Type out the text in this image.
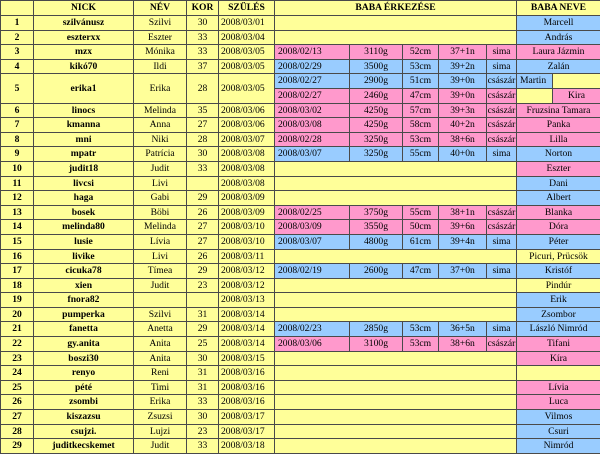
	NICK	NÉV	KOR	SZÜLÉS	BABA ÉRKEZÉSE					BABA NEVE	
1	szilvánusz	Szilvi	30	2008/03/01						Marcell	
2	eszterxx	Eszter	33	2008/03/04						András	
3	mzx	Mónika	33	2008/03/05	2008/02/13	3110g	52cm	37+1n	sima	Laura Jázmin	
4	kikó70	Ildi	37	2008/03/05	2008/02/29	3500g	53cm	39+2n	sima	Zalán	
5	erika1	Erika	28	2008/03/05	2008/02/27	2900g	51cm	39+0n	császár	Martin	
					2008/02/27	2460g	47cm	39+0n	császár		Kira
6	linocs	Melinda	35	2008/03/06	2008/03/02	4250g	57cm	39+3n	császár	Fruzsina Tamara	
7	kmanna	Anna	27	2008/03/06	2008/03/08	4250g	58cm	40+2n	császár	Panka	
8	mni	Niki	28	2008/03/07	2008/02/28	3250g	53cm	38+6n	császár	Lilla	
9	mpatr	Patrícia	30	2008/03/08	2008/03/07	3250g	55cm	40+0n	sima	Norton	
10	judit18	Judit	33	2008/03/08						Eszter	
11	livcsi	Livi		2008/03/08						Dani	
12	haga	Gabi	29	2008/03/09						Albert	
13	bosek	Böbi	26	2008/03/09	2008/02/25	3750g	55cm	38+1n	császár	Blanka	
14	melinda80	Melinda	27	2008/03/10	2008/03/09	3550g	50cm	39+6n	császár	Dóra	
15	lusie	Lívia	27	2008/03/10	2008/03/07	4800g	61cm	39+4n	sima	Péter	
16	livike	Livi	26	2008/03/11						Picuri, Prücsök	
17	cicuka78	Tímea	29	2008/03/12	2008/02/19	2600g	47cm	37+0n	sima	Kristóf	
18	xien	Judit	23	2008/03/12						Pindúr	
19	fnora82			2008/03/13						Erik	
20	pumperka	Szilvi	31	2008/03/14						Zsombor	
21	fanetta	Anetta	29	2008/03/14	2008/02/23	2850g	53cm	36+5n	sima	László Nimród	
22	gy.anita	Anita	25	2008/03/14	2008/03/06	3100g	53cm	38+6n	császár	Tifani	
23	boszi30	Anita	30	2008/03/15						Kíra	
24	renyo	Reni	31	2008/03/16							
25	pété	Timi	31	2008/03/16						Lívia	
26	zsombi	Erika	33	2008/03/16						Luca	
27	kiszazsu	Zsuzsi	30	2008/03/17						Vilmos	
28	csujzi.	Lujzi	23	2008/03/17						Csuri	
29	juditkecskemet	Judit	33	2008/03/18						Nimród	
